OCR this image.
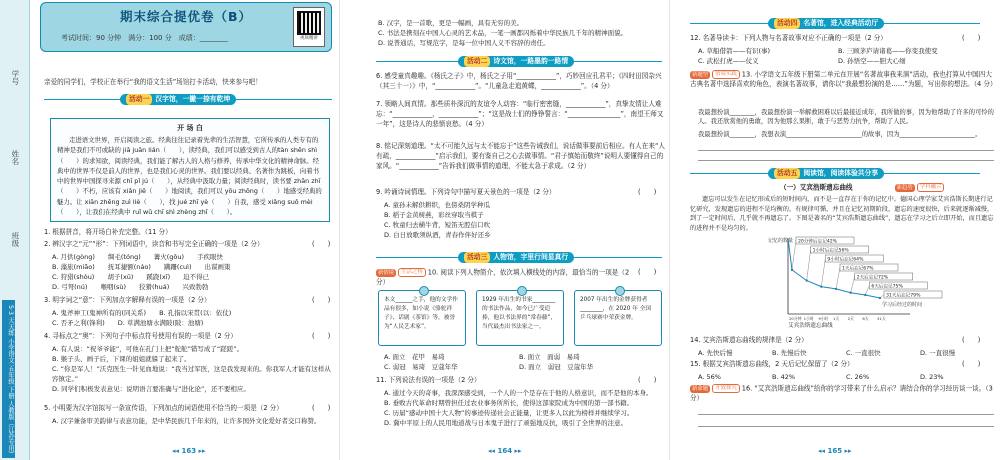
学号
姓名
班级
5·3 天天练 小学语文 五年级 下册 人教版（江苏专用）
期末综合提优卷（B）
考试时间：90 分钟　满分：100 分　成绩：________	视频精讲
亲爱的同学们，学校正在举行“我的语文生活”场馆打卡活动，快来参与吧！
活动一 汉字馆，一撇一捺有乾坤
开 场 白

走进语文世界，开启阅读之旅。经典往往记录着先辈的生活智慧，它所传承的人类专有的精神是我们不可或缺的 jiā juān lián（　　），读经典，我们可以感受到古人的tàn shēn shì（　　）的求知欲，阅读经典，我们能了解古人的人格与修养，传承中华文化的精神命脉。经典中的世界不仅是前人的世界，也是我们心灵的世界。我们要以经典、名著作为跳板，向着书中的世界中国探寻来源 chī pǐ jú（　　），从经典中汲取力量；阅读经典时，读书要 zhān zhī（　　）不朽，应该有 xiǎn jiē（　　）地阅读，我们可以 yōu zhōng（　　）地感受经典的魅力。让 xiān zhēng zuì liè（　　），找 jué zhī yè（　　）自我，感受 xiǎng suǒ mèi（　　），让我们在经典中 ruǐ wǔ chī shì zhèng zhǐ（　　）。

1. 根据拼音，将开场白补充完整。（11 分）
2. 辨汉字之“元”“形”：下列词语中，读音和书写完全正确的一项是（2 分）	(　　)
A. 月供(gòng)　　绸毛(tóng)　　篝火(gōu)　　手疾眼快
B. 藻旅(mião)　　抚耳捷额(náo)　　蹒跚(cuì)　　出谋画策
C. 狩猎(shòu)　　胡子(xū)　　蹊跷(xī)　　迫不得已
D. 弓弩(nú)　　喉咽(sù)　　狡猾(huá)　　兴致勃勃
3. 明字词之“意”：下列加点字解释有误的一项是（2 分）	(　　)
A. 鬼斧神工(鬼神所有的(同关系)　　B. 孔指以宋贯(以：依仗)
C. 否矛之利(锋利)　　D. 草满池塘水满陂(陂：池塘)
4. 寻标点之“奥”：下列句子中标点符号使用有误的一项是（2 分）	(　　)
A. 有人说：“祝爷爷能”，可他在孔门上把“舵舵”错写成了“蹉蹉”。
B. 猴子头、画子后，下课的姐姐就躲了起来了。
C. “你是军人！”沃克医生一针见血地说：“我当过军医，这是我发现来的。你我军人才能有这样从容镇定。”
D. 同学们积极发表意见：说明语言要准确与“进化论”，还不要相应。
5. 小明要为汉字馆拟写一条宣传语，下列加点的词语使用不恰当的一项是（2 分）	(　　)
A. 汉字兼备审美韵律与表意功能，是中华民族几千年来的，让许多国外文化爱好者交口称赞。
◂◂ 163 ▸▸
B. 汉字，是一首歌，更是一幅画，具有无穷的美。
C. 书法是携刻在中国人心灵的艺术品，一笔一画都闪烁着中华民族几千年的精神面貌。
D. 说普通话，写规范字，是每一位中国人义不容辞的责任。
活动二 诗文馆，一路墨韵一路情
6. 感受童真趣趣。《杨氏之子》中，杨氏之子用“____________”，巧妙回应孔君平；《四时田园杂兴（其三十一）》中，“____________”。“儿童急走追黄蝶，____________”。（4 分）
7. 领略人间真情。那些质朴深沉的友谊令人动容：“临行密密缝，____________”，真挚友情让人难忘：“____________，____________”；“这是战士们的铮铮誓言：“________________”，南望王师又一年”，这是诗人的悲愤哀愁。（4 分）
8. 铭记深刻道理。“太不可能久远与太不能忘于”这些告诫我们，说话做事要前后相应。有人在来“人有疏，____________”启示我们，要有鉴自己之心去做事情。“君子慎始而敬终”说明人要懂得自己的家风。“____________”告诉我们做事情的道理，不能太急于求成。（2 分）
9. 吟诵诗词情理。下列诗句中描写夏天景色的一项是（2 分）	(　　)
A. 童孙未解供耕织，也傍桑阴学种瓜
B. 稻子金黄树燕，彩丝穿取当棋子
C. 牧童归去横牛背，短笛无腔信口吹
D. 白日放歌须纵酒，青春作伴好还乡
活动三 人物馆，字里行间显真行
新情境 生活之桥 10. 阅读下列人物简介，依次填入横线处的内容，最恰当的一项是（2 分）
(　　)
本文______之手，他的文学作品有很多，如小说《骆驼祥子》、话剧《茶馆》等，被誉为“人民艺术家”。
1929 年出生的书家________ 的书法作品，如今已广受追捧，他以书法界的“常春藤”，当代最杰出书法家之一。
2007 年出生的金牌获得者________，在 2020 年 全国乒乓球赛中荣获金牌。
A. 面立　花甲　易琦	B. 面立　面弱　易琦
C. 弱冠　易琦　豆蔻年华	D. 面立　弱冠　豆蔻年华
11. 下列说法有误的一项是（2 分）	(　　)
A. 通过今天的奇事，我深深感受到，一个人的一个是存在于他的人格意识，而不是他的本身。
B. 垂败古代革命时期曾担任过农业事务所所长，使得这部家院成为中国的第一部书籍。
C. 历届“感动中国十大人物”的事迹传递社会正能量，让更多人以此为榜样并继续学习。
D. 冀中平原上的人民用地道战与日本鬼子进行了顽强地反抗，吸引了全世界的注意。
◂◂ 164 ▸▸
活动四 名著馆，进入经典活动厅
12. 名著导读卡：下列人物与名著故事对应不正确的一项是（2 分）	(　　)
A. 草船借箭——有识(事)	B. 三顾茅庐请诸葛——你变我使变
C. 武松打虎——仗义	D. 孙悟空——胆大心细
新题型 情境实践 13. 小学语文五年级下册第二单元在开展“名著故事我来演”活动，我也打算从中国四大古典名著中选择喜欢的角色，表演名著故事，请你以“我最想扮演的是……”为题，写出你的想法。（4 分）
我最想扮演________，我最想扮演一举解救困难以后最接近成年，我所做的事，因为他帮助了许多的可怜的人。我还欣赏他的勇敢，因为他那么果断，敢于与恶势力抗争，帮助了人民。
我最想扮演________，我想表演________________________的故事，因为________________________。
活动五 阅读馆，阅读体验共分享
（一）艾宾浩斯遗忘曲线	新趋势 学科融合
遗忘可以发生在记忆形成后的短时间内，而不是一直存在于你的记忆中。德国心理学家艾宾浩斯长期进行记忆研究，发现遗忘的进程不是均衡的，有规律可循，并且在记忆初期阶段，遗忘的速度很快，后来就逐渐减慢，到了一定时间后，几乎就不再遗忘了。下图是著名的“艾宾浩斯遗忘曲线”，遗忘在学习之后立即开始，而且遗忘的进程并不是均匀的。
记忆的数量 20分钟后忘记42%
1小时后忘记56%
9小时后忘记64%
1天后忘记67%
2天后忘记72%
6天后忘记75%
31天后忘记79%
20分钟 1小时 9小时 1天 2天 6天 31天
学习后经过的时间
艾宾浩斯遗忘曲线
14. 艾宾浩斯遗忘曲线的规律是（2 分）	(　　)
A. 先快后慢	B. 先慢后快	C. 一直很快	D. 一直很慢
15. 根据艾宾浩斯遗忘曲线，2 天后记忆保留了（2 分）	(　　)
A. 56%	B. 42%	C. 26%	D. 23%
新命题 开放探究 16. “艾宾浩斯遗忘曲线”给你的学习带来了什么启示？请结合你的学习经历谈一谈。（3 分）
◂◂ 165 ▸▸
